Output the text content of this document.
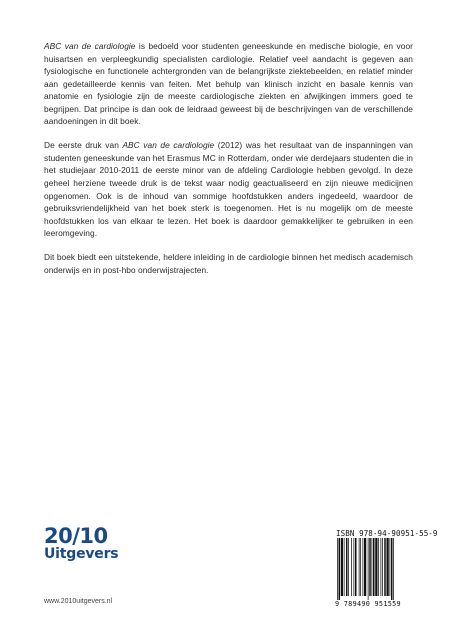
ABC van de cardiologie is bedoeld voor studenten geneeskunde en medische biologie, en voor huisartsen en verpleegkundig specialisten cardiologie. Relatief veel aandacht is gegeven aan fysiologische en functionele achtergronden van de belangrijkste ziektebeelden, en relatief minder aan gedetailleerde kennis van feiten. Met behulp van klinisch inzicht en basale kennis van anatomie en fysiologie zijn de meeste cardiologische ziekten en afwijkingen immers goed te begrijpen. Dat principe is dan ook de leidraad geweest bij de beschrijvingen van de verschillende aandoeningen in dit boek.

De eerste druk van ABC van de cardiologie (2012) was het resultaat van de inspanningen van studenten geneeskunde van het Erasmus MC in Rotterdam, onder wie derdejaars studenten die in het studiejaar 2010-2011 de eerste minor van de afdeling Cardiologie hebben gevolgd. In deze geheel herziene tweede druk is de tekst waar nodig geactualiseerd en zijn nieuwe medicijnen opgenomen. Ook is de inhoud van sommige hoofdstukken anders ingedeeld, waardoor de gebruiksvriendelijkheid van het boek sterk is toegenomen. Het is nu mogelijk om de meeste hoofdstukken los van elkaar te lezen. Het boek is daardoor gemakkelijker te gebruiken in een leeromgeving.

Dit boek biedt een uitstekende, heldere inleiding in de cardiologie binnen het medisch academisch onderwijs en in post-hbo onderwijstrajecten.

20/10
Uitgevers
www.2010uitgevers.nl
ISBN 978-94-90951-55-9
9 789490 951559
